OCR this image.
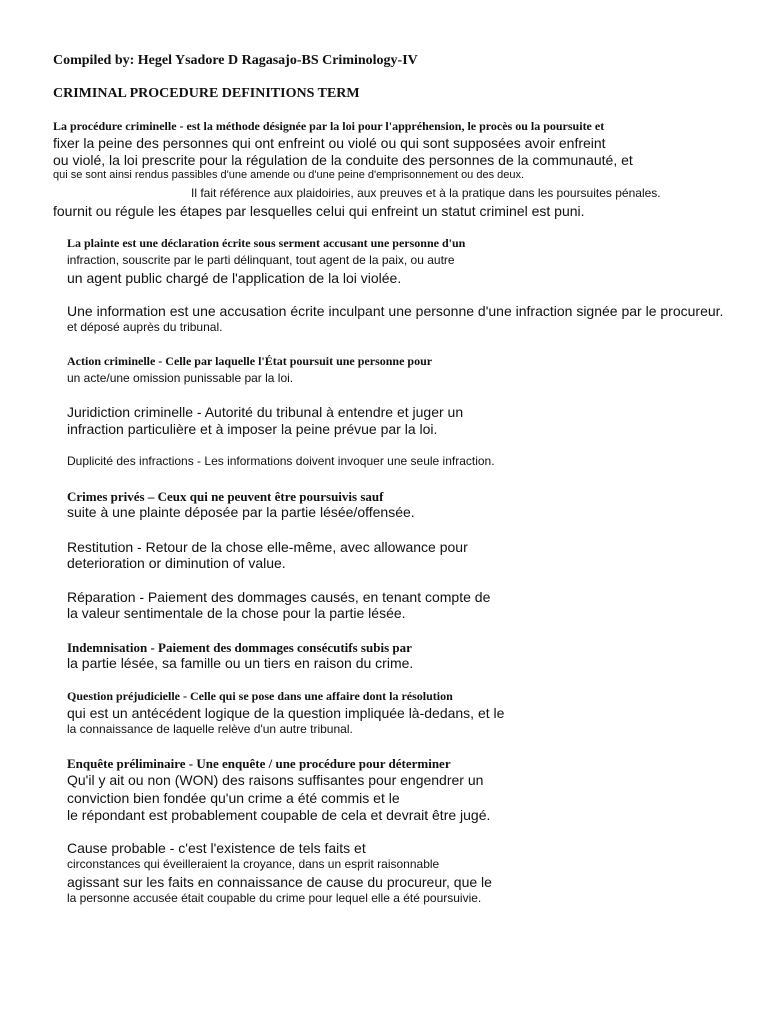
Compiled by: Hegel Ysadore D Ragasajo-BS Criminology-IV
CRIMINAL PROCEDURE DEFINITIONS TERM
La procédure criminelle - est la méthode désignée par la loi pour l'appréhension, le procès ou la poursuite et
fixer la peine des personnes qui ont enfreint ou violé ou qui sont supposées avoir enfreint
ou violé, la loi prescrite pour la régulation de la conduite des personnes de la communauté, et
qui se sont ainsi rendus passibles d'une amende ou d'une peine d'emprisonnement ou des deux.
Il fait référence aux plaidoiries, aux preuves et à la pratique dans les poursuites pénales.
fournit ou régule les étapes par lesquelles celui qui enfreint un statut criminel est puni.
La plainte est une déclaration écrite sous serment accusant une personne d'un
infraction, souscrite par le parti délinquant, tout agent de la paix, ou autre
un agent public chargé de l'application de la loi violée.
Une information est une accusation écrite inculpant une personne d'une infraction signée par le procureur.
et déposé auprès du tribunal.
Action criminelle - Celle par laquelle l'État poursuit une personne pour
un acte/une omission punissable par la loi.
Juridiction criminelle - Autorité du tribunal à entendre et juger un
infraction particulière et à imposer la peine prévue par la loi.
Duplicité des infractions - Les informations doivent invoquer une seule infraction.
Crimes privés – Ceux qui ne peuvent être poursuivis sauf
suite à une plainte déposée par la partie lésée/offensée.
Restitution - Retour de la chose elle-même, avec allowance pour
deterioration or diminution of value.
Réparation - Paiement des dommages causés, en tenant compte de
la valeur sentimentale de la chose pour la partie lésée.
Indemnisation - Paiement des dommages consécutifs subis par
la partie lésée, sa famille ou un tiers en raison du crime.
Question préjudicielle - Celle qui se pose dans une affaire dont la résolution
qui est un antécédent logique de la question impliquée là-dedans, et le
la connaissance de laquelle relève d'un autre tribunal.
Enquête préliminaire - Une enquête / une procédure pour déterminer
Qu'il y ait ou non (WON) des raisons suffisantes pour engendrer un
conviction bien fondée qu'un crime a été commis et le
le répondant est probablement coupable de cela et devrait être jugé.
Cause probable - c'est l'existence de tels faits et
circonstances qui éveilleraient la croyance, dans un esprit raisonnable
agissant sur les faits en connaissance de cause du procureur, que le
la personne accusée était coupable du crime pour lequel elle a été poursuivie.
